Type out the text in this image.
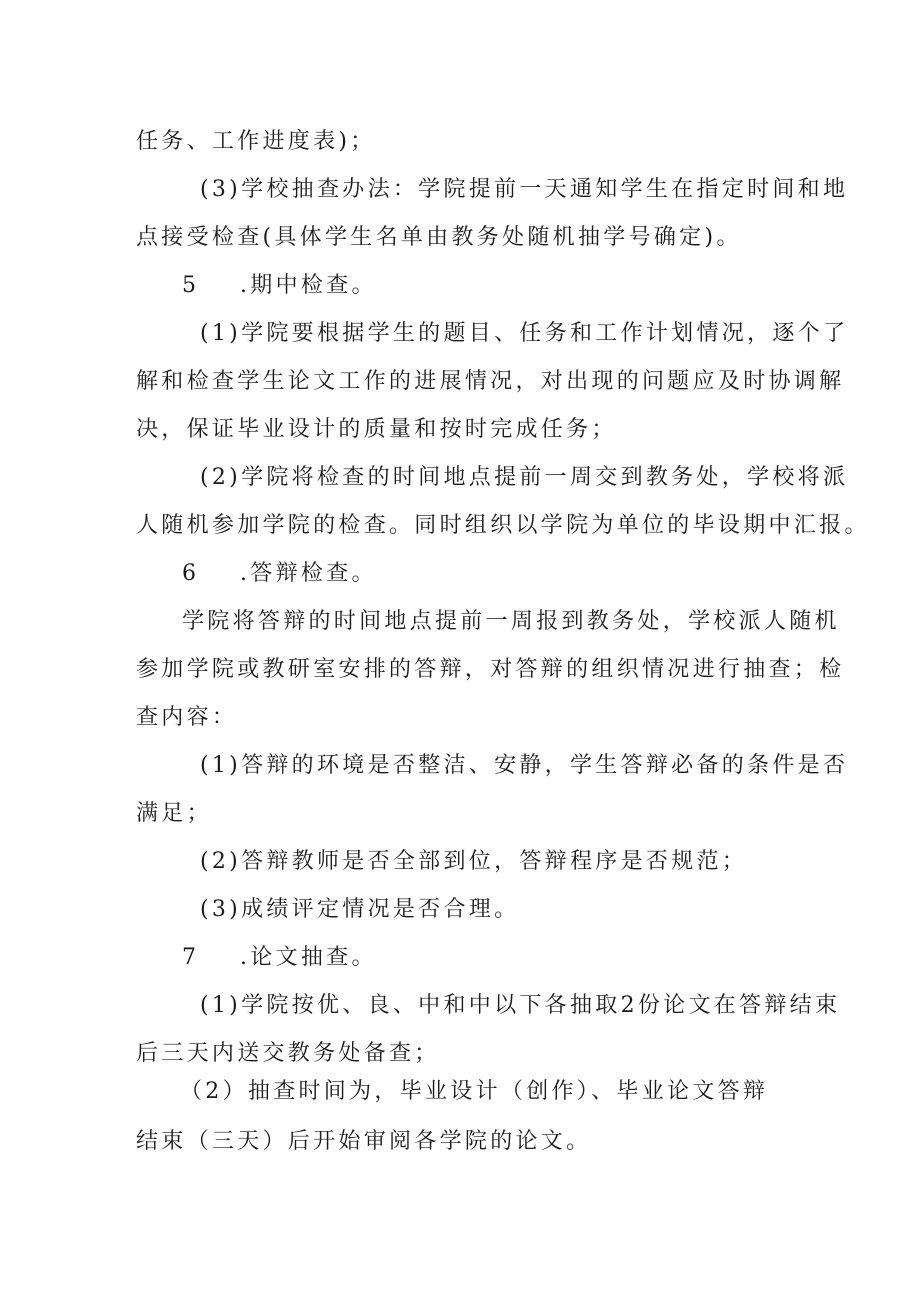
任务、工作进度表)；
(3)学校抽查办法：学院提前一天通知学生在指定时间和地
点接受检查(具体学生名单由教务处随机抽学号确定)。
5 .期中检查。
(1)学院要根据学生的题目、任务和工作计划情况，逐个了
解和检查学生论文工作的进展情况，对出现的问题应及时协调解
决，保证毕业设计的质量和按时完成任务；
(2)学院将检查的时间地点提前一周交到教务处，学校将派
人随机参加学院的检查。同时组织以学院为单位的毕设期中汇报。
6 .答辩检查。
学院将答辩的时间地点提前一周报到教务处，学校派人随机
参加学院或教研室安排的答辩，对答辩的组织情况进行抽查；检
查内容：
(1)答辩的环境是否整洁、安静，学生答辩必备的条件是否
满足；
(2)答辩教师是否全部到位，答辩程序是否规范；
(3)成绩评定情况是否合理。
7 .论文抽查。
(1)学院按优、良、中和中以下各抽取2份论文在答辩结束
后三天内送交教务处备查；
（2）抽查时间为，毕业设计（创作）、毕业论文答辩
结束（三天）后开始审阅各学院的论文。
